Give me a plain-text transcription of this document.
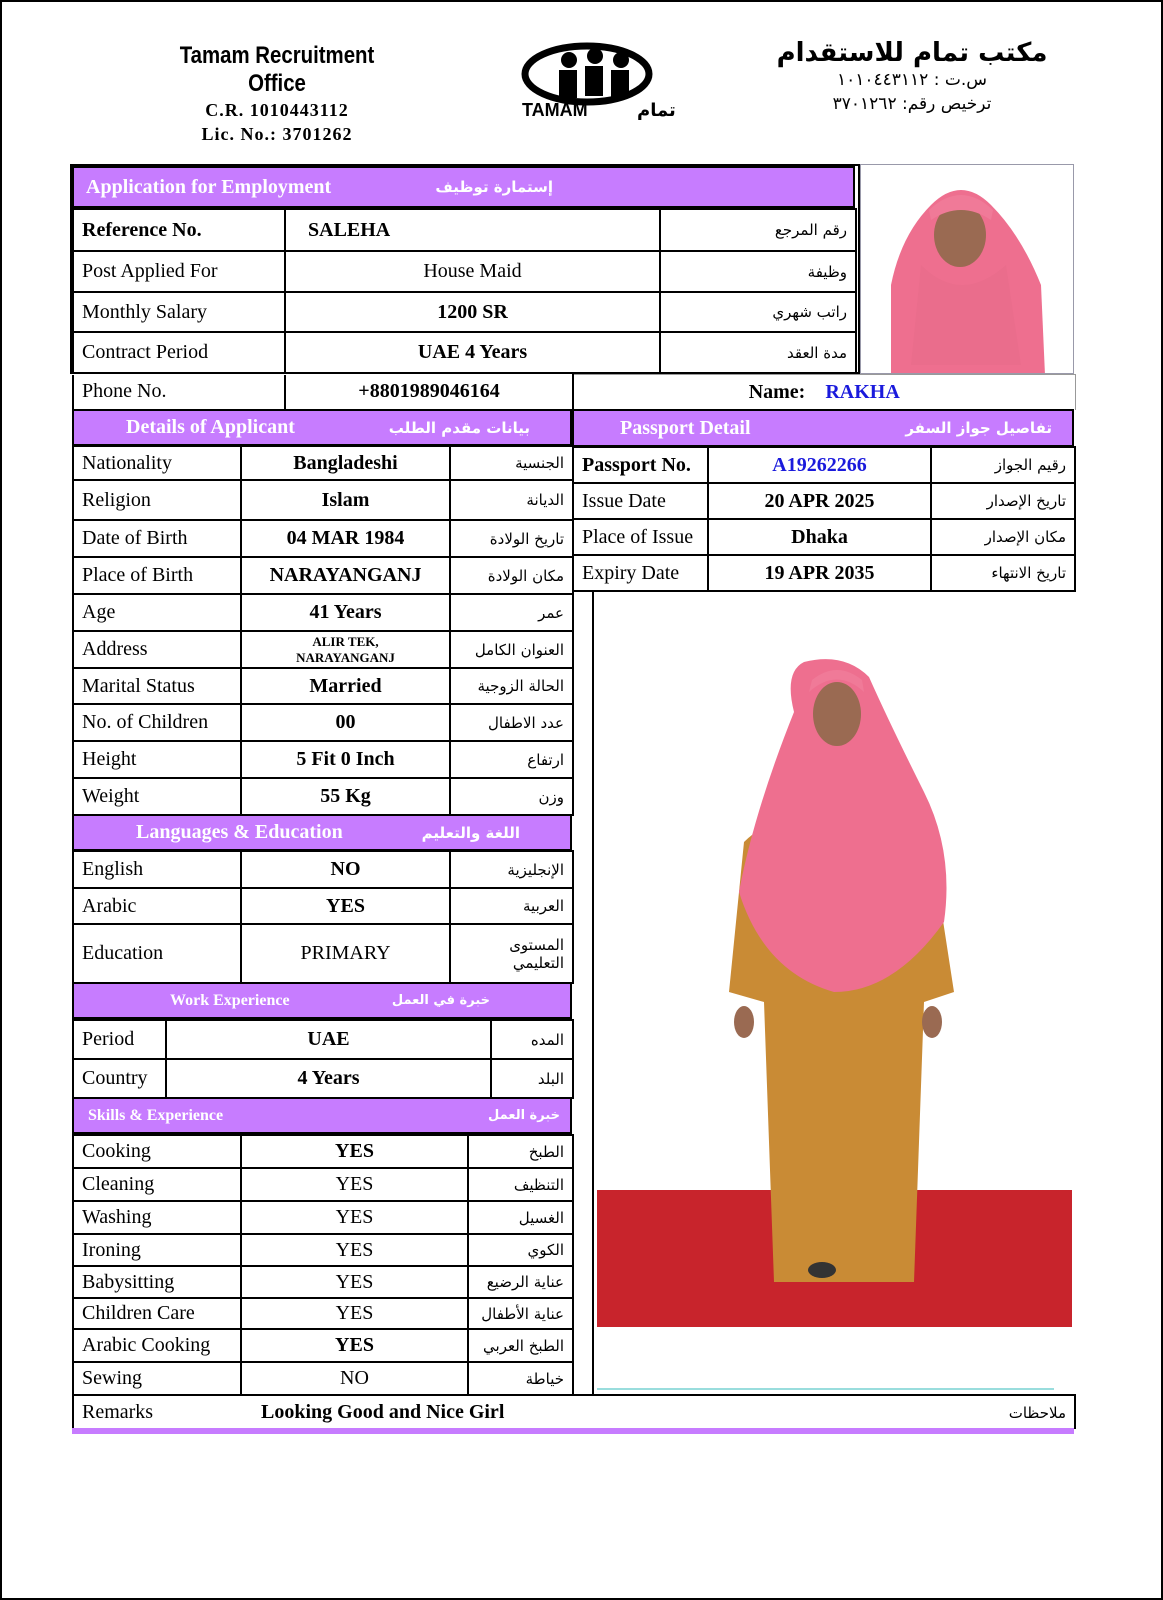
Tamam Recruitment Office
C.R. 1010443112
Lic. No.: 3701262
TAMAM	تمام
مكتب تمام للاستقدام
س.ت : ١٠١٠٤٤٣١١٢
ترخيص رقم: ٣٧٠١٢٦٢
Application for Employment	إستمارة توظيف
Reference No.	SALEHA	رقم المرجع
Post Applied For	House Maid	وظيفة
Monthly Salary	1200 SR	راتب شهري
Contract Period	UAE 4 Years	مدة العقد
Phone No.	+8801989046164	Name: RAKHA
Details of Applicant	بيانات مقدم الطلب
Nationality	Bangladeshi	الجنسية
Religion	Islam	الديانة
Date of Birth	04 MAR 1984	تاريخ الولادة
Place of Birth	NARAYANGANJ	مكان الولادة
Age	41 Years	عمر
Address	ALIR TEK, NARAYANGANJ	العنوان الكامل
Marital Status	Married	الحالة الزوجية
No. of Children	00	عدد الاطفال
Height	5 Fit 0 Inch	ارتفاع
Weight	55 Kg	وزن
Languages & Education	اللغة والتعليم
English	NO	الإنجليزية
Arabic	YES	العربية
Education	PRIMARY	المستوى التعليمي
Work Experience	خبرة في العمل
Period	UAE	المده
Country	4 Years	البلد
Skills & Experience	خبرة العمل
Cooking	YES	الطبخ
Cleaning	YES	التنظيف
Washing	YES	الغسيل
Ironing	YES	الكوي
Babysitting	YES	عناية الرضيع
Children Care	YES	عناية الأطفال
Arabic Cooking	YES	الطبخ العربي
Sewing	NO	خياطة
Passport Detail	تفاصيل جواز السفر
Passport No.	A19262266	رقيم الجواز
Issue Date	20 APR 2025	تاريخ الإصدار
Place of Issue	Dhaka	مكان الإصدار
Expiry Date	19 APR 2035	تاريخ الانتهاء
Remarks	Looking Good and Nice Girl	ملاحظات
